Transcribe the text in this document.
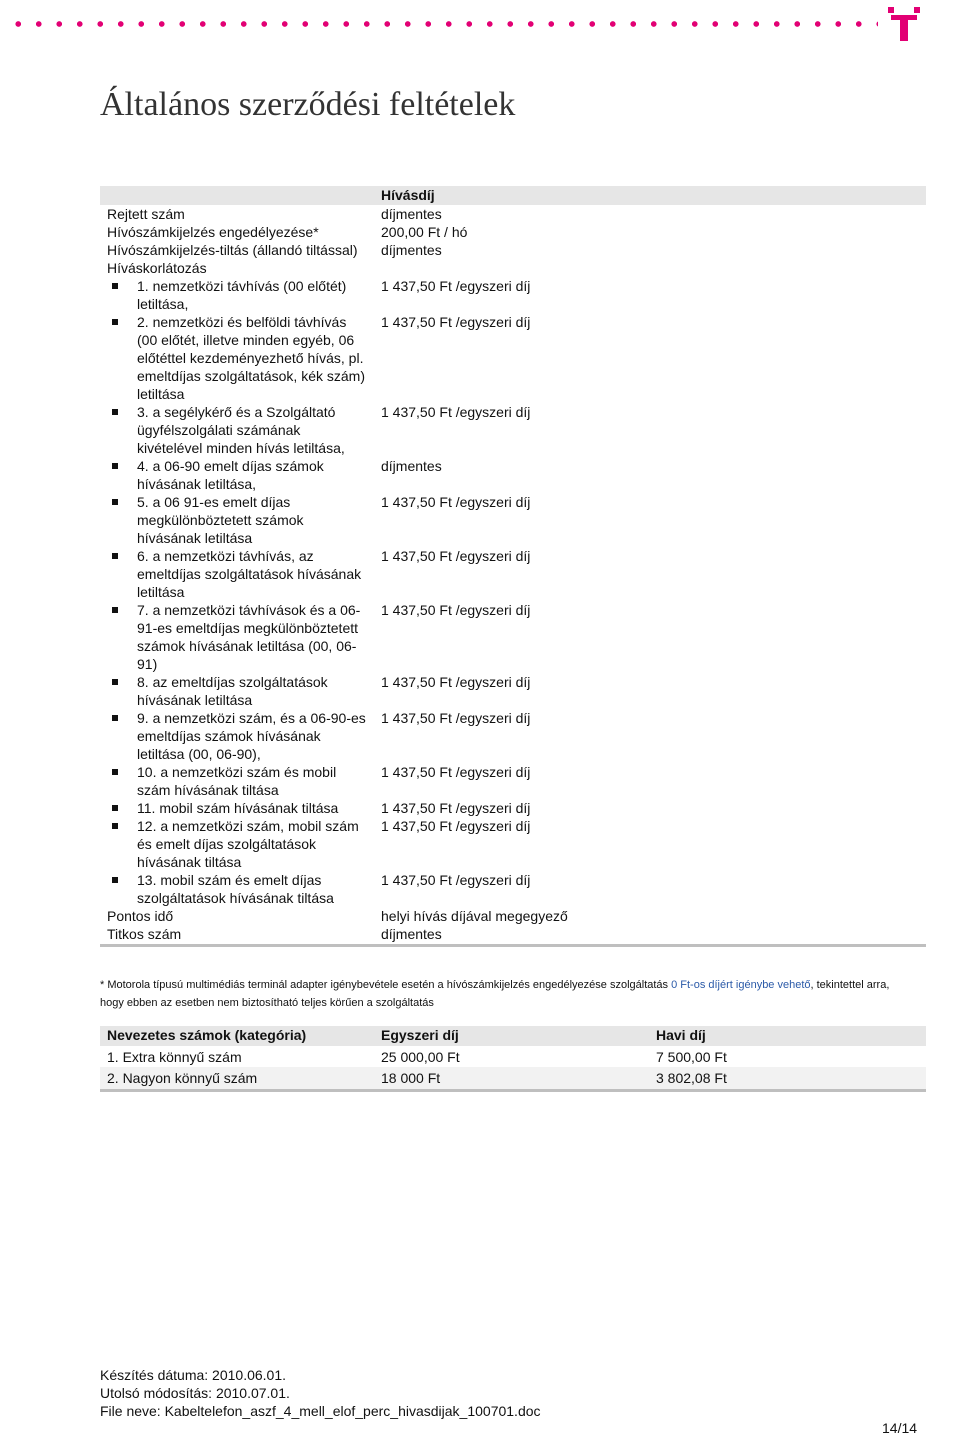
Általános szerződési feltételek
	Hívásdíj
Rejtett szám	díjmentes
Hívószámkijelzés engedélyezése*	200,00 Ft / hó
Hívószámkijelzés-tiltás (állandó tiltással)	díjmentes
Híváskorlátozás	

1. nemzetközi távhívás (00 előtét) letiltása,	1 437,50 Ft /egyszeri díj

2. nemzetközi és belföldi távhívás (00 előtét, illetve minden egyéb, 06 előtéttel kezdeményezhető hívás, pl. emeltdíjas szolgáltatások, kék szám) letiltása	1 437,50 Ft /egyszeri díj

3. a segélykérő és a Szolgáltató ügyfélszolgálati számának kivételével minden hívás letiltása,	1 437,50 Ft /egyszeri díj

4. a 06-90 emelt díjas számok hívásának letiltása,	díjmentes

5. a 06 91-es emelt díjas megkülönböztetett számok hívásának letiltása	1 437,50 Ft /egyszeri díj

6. a nemzetközi távhívás, az emeltdíjas szolgáltatások hívásának letiltása	1 437,50 Ft /egyszeri díj

7. a nemzetközi távhívások és a 06-91-es emeltdíjas megkülönböztetett számok hívásának letiltása (00, 06-91)	1 437,50 Ft /egyszeri díj

8. az emeltdíjas szolgáltatások hívásának letiltása	1 437,50 Ft /egyszeri díj

9. a nemzetközi szám, és a 06-90-es emeltdíjas számok hívásának letiltása (00, 06-90),	1 437,50 Ft /egyszeri díj

10. a nemzetközi szám és mobil szám hívásának tiltása	1 437,50 Ft /egyszeri díj

11. mobil szám hívásának tiltása	1 437,50 Ft /egyszeri díj

12. a nemzetközi szám, mobil szám és emelt díjas szolgáltatások hívásának tiltása	1 437,50 Ft /egyszeri díj

13. mobil szám és emelt díjas szolgáltatások hívásának tiltása	1 437,50 Ft /egyszeri díj
Pontos idő	helyi hívás díjával megegyező
Titkos szám	díjmentes
* Motorola típusú multimédiás terminál adapter igénybevétele esetén a hívószámkijelzés engedélyezése szolgáltatás 0 Ft-os díjért igénybe vehető, tekintettel arra, hogy ebben az esetben nem biztosítható teljes körűen a szolgáltatás
Nevezetes számok (kategória)	Egyszeri díj	Havi díj
1. Extra könnyű szám	25 000,00 Ft	7 500,00 Ft
2. Nagyon könnyű szám	18 000 Ft	3 802,08 Ft
Készítés dátuma: 2010.06.01.
Utolsó módosítás: 2010.07.01.
File neve: Kabeltelefon_aszf_4_mell_elof_perc_hivasdijak_100701.doc
14/14
